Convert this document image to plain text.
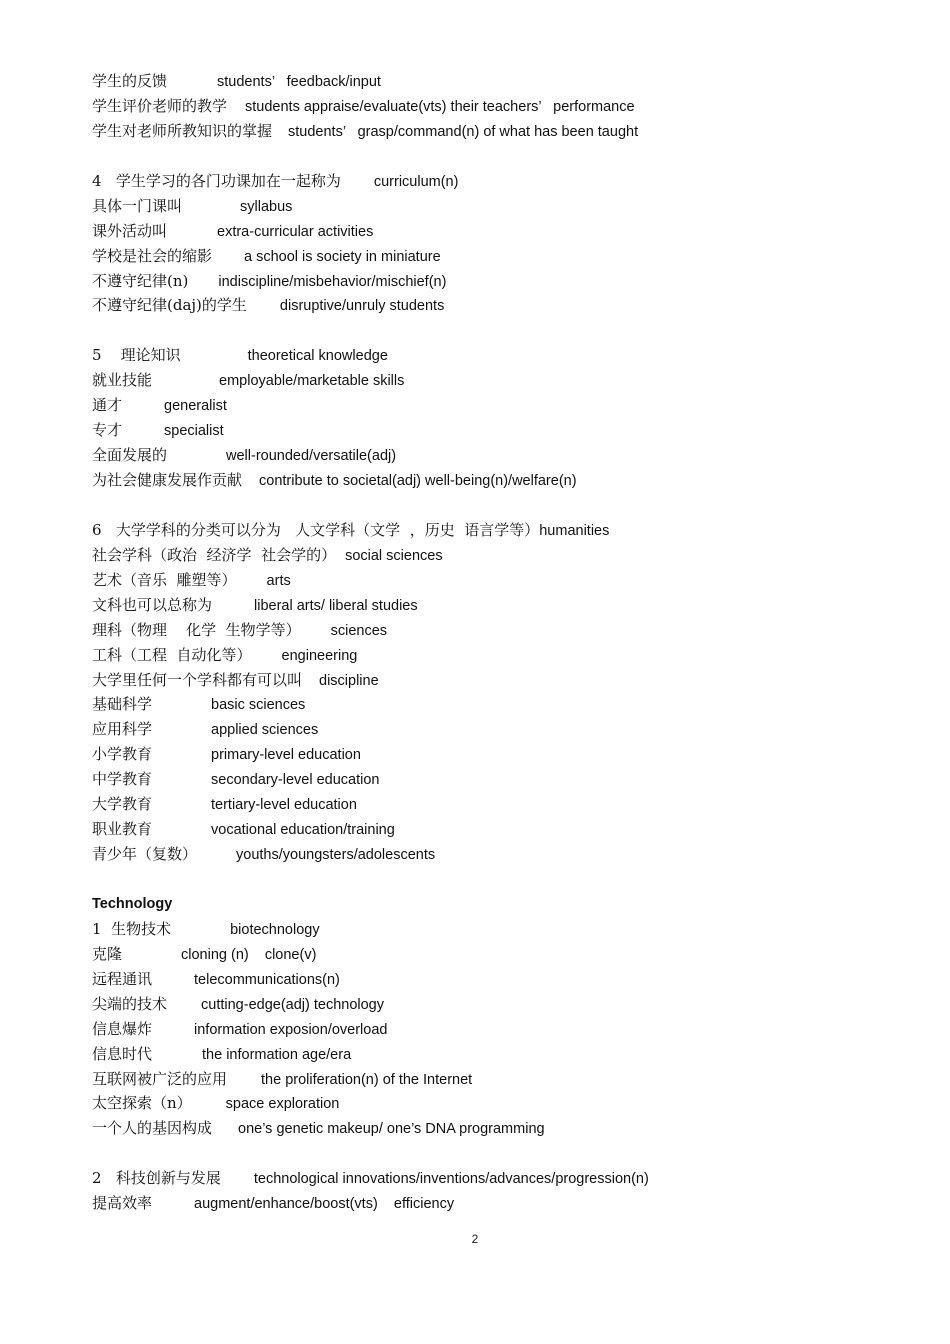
学生的反馈	students’   feedback/input
学生评价老师的教学 students appraise/evaluate(vts) their teachers’   performance
学生对老师所教知识的掌握 students’   grasp/command(n) of what has been taught
4   学生学习的各门功课加在一起称为 curriculum(n)
具体一门课叫	syllabus
课外活动叫	extra-curricular activities
学校是社会的缩影 a school is society in miniature
不遵守纪律(n) indiscipline/misbehavior/mischief(n)
不遵守纪律(daj)的学生 disruptive/unruly students
5    理论知识	theoretical knowledge
就业技能	employable/marketable skills
通才	generalist
专才	specialist
全面发展的	well-rounded/versatile(adj)
为社会健康发展作贡献 contribute to societal(adj) well-being(n)/welfare(n)
6   大学学科的分类可以分为   人文学科（文学  ，历史  语言学等）humanities
社会学科（政治  经济学  社会学的） social sciences
艺术（音乐  雕塑等） arts
文科也可以总称为	liberal arts/ liberal studies
理科（物理    化学  生物学等） sciences
工科（工程  自动化等） engineering
大学里任何一个学科都有可以叫 discipline
基础科学	basic sciences
应用科学	applied sciences
小学教育	primary-level education
中学教育	secondary-level education
大学教育	tertiary-level education
职业教育	vocational education/training
青少年（复数）	youths/youngsters/adolescents
Technology
1  生物技术	biotechnology
克隆	cloning (n)    clone(v)
远程通讯	telecommunications(n)
尖端的技术 cutting-edge(adj) technology
信息爆炸	information exposion/overload
信息时代	the information age/era
互联网被广泛的应用 the proliferation(n) of the Internet
太空探索（n） space exploration
一个人的基因构成 one’s genetic makeup/ one’s DNA programming
2   科技创新与发展 technological innovations/inventions/advances/progression(n)
提高效率	augment/enhance/boost(vts)    efficiency
2
